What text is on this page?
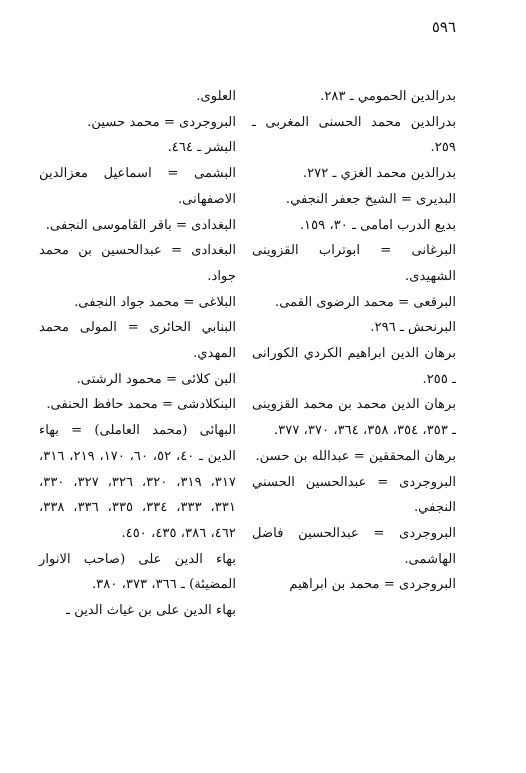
٥٩٦

بدرالدين الحمومي ـ ٢٨٣.

بدرالدين محمد الحسنى المغربى ـ ٢٥٩.

بدرالدين محمد الغزي ـ ٢٧٢.

البديرى = الشيخ جعفر النجفي.

بديع الدرب امامى ـ ٣٠، ١٥٩.

البرغانى = ابوتراب القزوينى الشهيدى.

البرقعى = محمد الرضوى القمى.

البرنحش ـ ٢٩٦.

برهان الدين ابراهيم الكردي الكورانى ـ ٢٥٥.

برهان الدين محمد بن محمد القزوينى ـ ٣٥٣، ٣٥٤، ٣٥٨، ٣٦٤، ٣٧٠، ٣٧٧.

برهان المحققين = عبدالله بن حسن.

البروجردى = عبدالحسين الحسني النجفي.

البروجردى = عبدالحسين فاضل الهاشمى.

البروجردى = محمد بن ابراهيم

العلوى.

البروجردى = محمد حسين.

البشر ـ ٤٦٤.

البشمى = اسماعيل معزالدين الاصفهانى.

البغدادى = باقر القاموسى النجفى.

البغدادى = عبدالحسين بن محمد جواد.

البلاغى = محمد جواد النجفى.

البنابي الحائرى = المولى محمد المهدي.

البن كلائى = محمود الرشتى.

البنكلادشى = محمد حافظ الحنفى.

البهائى (محمد العاملى) = بهاء الدين ـ ٤٠، ٥٢، ٦٠، ١٧٠، ٢١٩، ٣١٦، ٣١٧، ٣١٩، ٣٢٠، ٣٢٦، ٣٢٧، ٣٣٠، ٣٣١، ٣٣٣، ٣٣٤، ٣٣٥، ٣٣٦، ٣٣٨، ٤٦٢، ٣٨٦، ٤٣٥، ٤٥٠.

بهاء الدين على (صاحب الانوار المضيئة) ـ ٣٦٦، ٣٧٣، ٣٨٠.

بهاء الدين على بن غياث الدين ـ
